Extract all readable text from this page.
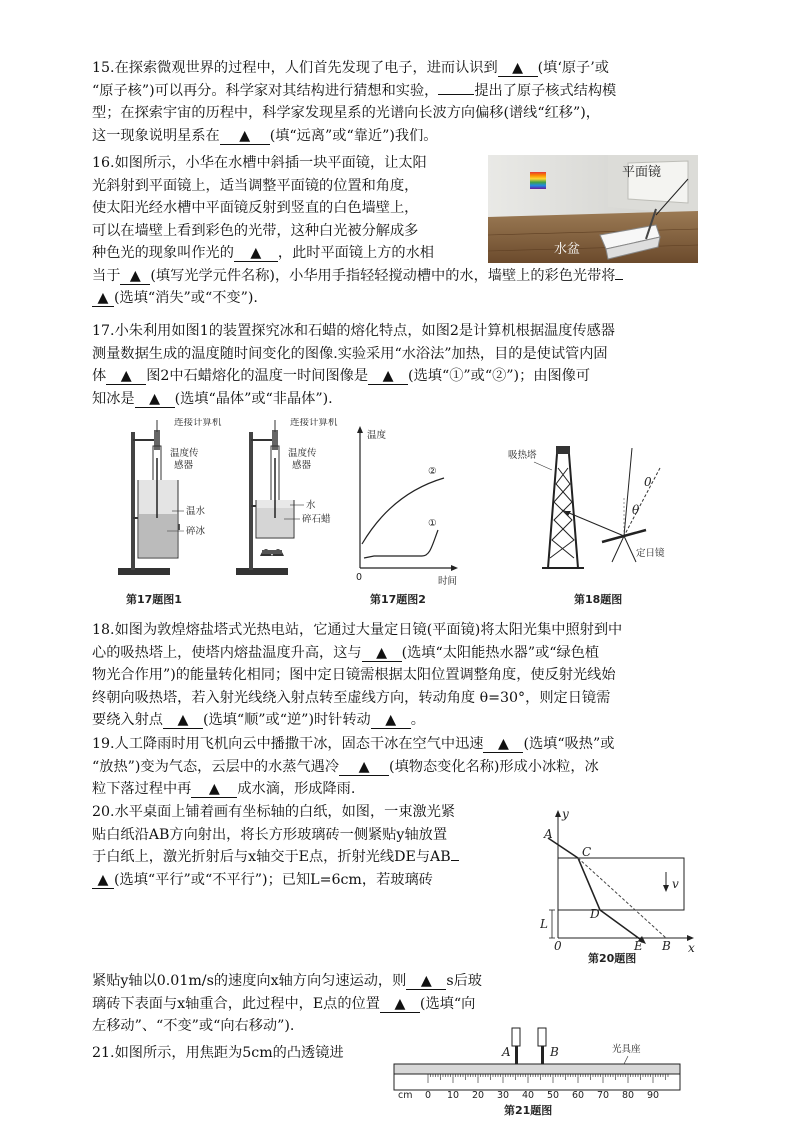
15.在探索微观世界的过程中，人们首先发现了电子，进而认识到 ▲ (填‘原子’或
“原子核”)可以再分。科学家对其结构进行猜想和实验，	提出了原子核式结构模
型；在探索宇宙的历程中，科学家发现星系的光谱向长波方向偏移(谱线“红移”)，
这一现象说明星系在 ▲ (填“远离”或“靠近”)我们。

16.如图所示，小华在水槽中斜插一块平面镜，让太阳
光斜射到平面镜上，适当调整平面镜的位置和角度，
使太阳光经水槽中平面镜反射到竖直的白色墙壁上，
可以在墙壁上看到彩色的光带，这种白光被分解成多
种色光的现象叫作光的 ▲ ，此时平面镜上方的水相
当于 ▲ (填写光学元件名称)，小华用手指轻轻搅动槽中的水，墙壁上的彩色光带将
▲ (选填“消失”或“不变”).

平面镜
水盆

17.小朱利用如图1的装置探究冰和石蜡的熔化特点，如图2是计算机根据温度传感器
测量数据生成的温度随时间变化的图像.实验采用“水浴法”加热，目的是使试管内固
体 ▲ 图2中石蜡熔化的温度一时间图像是 ▲ (选填“①”或“②”)；由图像可
知冰是 ▲ (选填“晶体”或“非晶体”).

连接计算机
温度传
感器
温水
碎冰
第17题图1
连接计算机
温度传
感器
水
碎石蜡
温度
时间
0
②
①
第17题图2
吸热塔
θ
0
定日镜
第18题图

18.如图为敦煌熔盐塔式光热电站，它通过大量定日镜(平面镜)将太阳光集中照射到中
心的吸热塔上，使塔内熔盐温度升高，这与 ▲ (选填“太阳能热水器”或“绿色植
物光合作用”)的能量转化相同；图中定日镜需根据太阳位置调整角度，使反射光线始
终朝向吸热塔，若入射光线绕入射点转至虚线方向，转动角度 θ=30°，则定日镜需
要绕入射点 ▲ (选填“顺”或“逆”)时针转动 ▲ 。

19.人工降雨时用飞机向云中播撒干冰，固态干冰在空气中迅速 ▲ (选填“吸热”或
“放热”)变为气态，云层中的水蒸气遇冷 ▲ (填物态变化名称)形成小冰粒，冰
粒下落过程中再 ▲ 成水滴，形成降雨.

20.水平桌面上铺着画有坐标轴的白纸，如图，一束激光紧
贴白纸沿AB方向射出，将长方形玻璃砖一侧紧贴y轴放置
于白纸上，激光折射后与x轴交于E点，折射光线DE与AB
▲ (选填“平行”或“不平行”)；已知L=6cm，若玻璃砖

紧贴y轴以0.01m/s的速度向x轴方向匀速运动，则 ▲ s后玻
璃砖下表面与x轴重合，此过程中，E点的位置 ▲ (选填“向
左移动”、“不变”或“向右移动”).

y
x
A
C
D
E B
L
0
v
第20题图

21.如图所示，用焦距为5cm的凸透镜进	A	B	光具座
cm 0 10 20 30 40 50 60 70 80 90
第21题图
